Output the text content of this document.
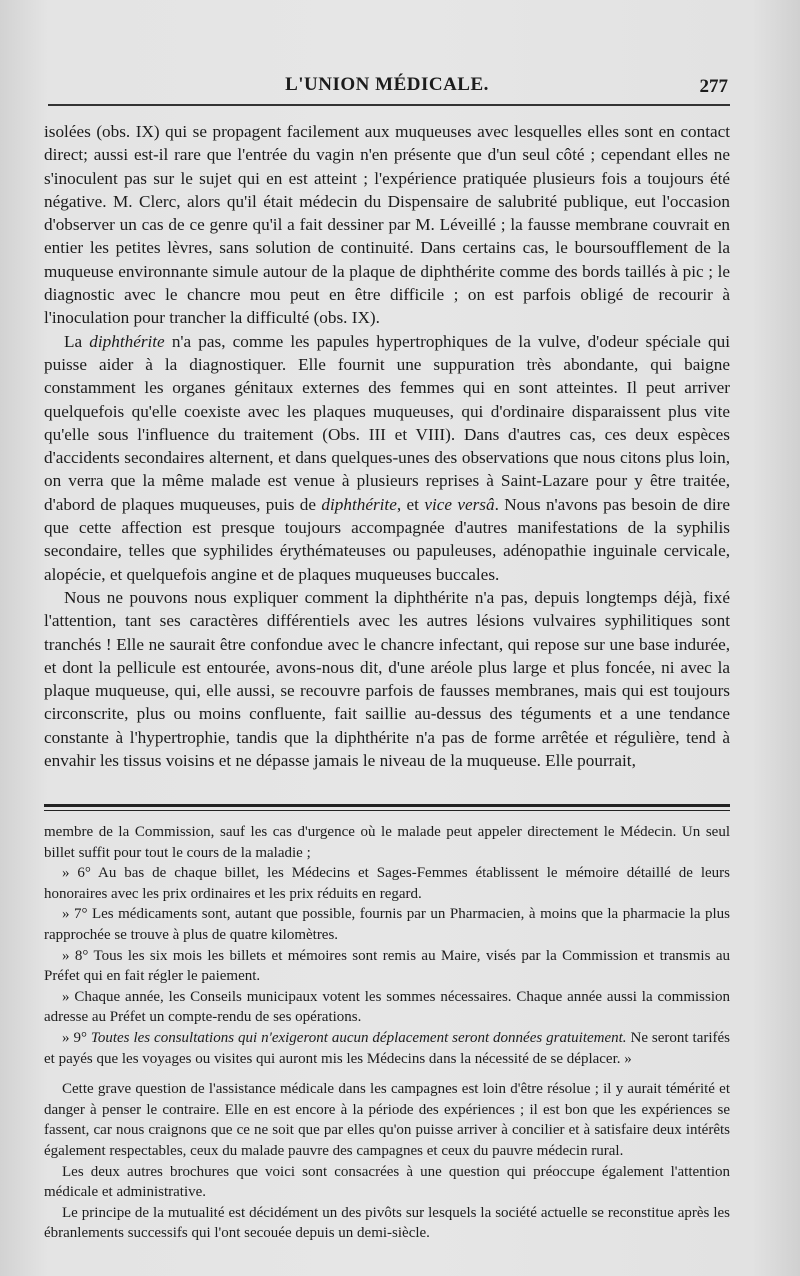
L'UNION MÉDICALE.	277

isolées (obs. IX) qui se propagent facilement aux muqueuses avec lesquelles elles sont en contact direct; aussi est-il rare que l'entrée du vagin n'en présente que d'un seul côté ; cependant elles ne s'inoculent pas sur le sujet qui en est atteint ; l'expérience pratiquée plusieurs fois a toujours été négative. M. Clerc, alors qu'il était médecin du Dispensaire de salubrité publique, eut l'occasion d'observer un cas de ce genre qu'il a fait dessiner par M. Léveillé ; la fausse membrane couvrait en entier les petites lèvres, sans solution de continuité. Dans certains cas, le boursoufflement de la muqueuse environnante simule autour de la plaque de diphthérite comme des bords taillés à pic ; le diagnostic avec le chancre mou peut en être difficile ; on est parfois obligé de recourir à l'inoculation pour trancher la difficulté (obs. IX).

La diphthérite n'a pas, comme les papules hypertrophiques de la vulve, d'odeur spéciale qui puisse aider à la diagnostiquer. Elle fournit une suppuration très abondante, qui baigne constamment les organes génitaux externes des femmes qui en sont atteintes. Il peut arriver quelquefois qu'elle coexiste avec les plaques muqueuses, qui d'ordinaire disparaissent plus vite qu'elle sous l'influence du traitement (Obs. III et VIII). Dans d'autres cas, ces deux espèces d'accidents secondaires alternent, et dans quelques-unes des observations que nous citons plus loin, on verra que la même malade est venue à plusieurs reprises à Saint-Lazare pour y être traitée, d'abord de plaques muqueuses, puis de diphthérite, et vice versâ. Nous n'avons pas besoin de dire que cette affection est presque toujours accompagnée d'autres manifestations de la syphilis secondaire, telles que syphilides érythémateuses ou papuleuses, adénopathie inguinale cervicale, alopécie, et quelquefois angine et de plaques muqueuses buccales.

Nous ne pouvons nous expliquer comment la diphthérite n'a pas, depuis longtemps déjà, fixé l'attention, tant ses caractères différentiels avec les autres lésions vulvaires syphilitiques sont tranchés ! Elle ne saurait être confondue avec le chancre infectant, qui repose sur une base indurée, et dont la pellicule est entourée, avons-nous dit, d'une aréole plus large et plus foncée, ni avec la plaque muqueuse, qui, elle aussi, se recouvre parfois de fausses membranes, mais qui est toujours circonscrite, plus ou moins confluente, fait saillie au-dessus des téguments et a une tendance constante à l'hypertrophie, tandis que la diphthérite n'a pas de forme arrêtée et régulière, tend à envahir les tissus voisins et ne dépasse jamais le niveau de la muqueuse. Elle pourrait,

membre de la Commission, sauf les cas d'urgence où le malade peut appeler directement le Médecin. Un seul billet suffit pour tout le cours de la maladie ;

» 6° Au bas de chaque billet, les Médecins et Sages-Femmes établissent le mémoire détaillé de leurs honoraires avec les prix ordinaires et les prix réduits en regard.

» 7° Les médicaments sont, autant que possible, fournis par un Pharmacien, à moins que la pharmacie la plus rapprochée se trouve à plus de quatre kilomètres.

» 8° Tous les six mois les billets et mémoires sont remis au Maire, visés par la Commission et transmis au Préfet qui en fait régler le paiement.

» Chaque année, les Conseils municipaux votent les sommes nécessaires. Chaque année aussi la commission adresse au Préfet un compte-rendu de ses opérations.

» 9° Toutes les consultations qui n'exigeront aucun déplacement seront données gratuitement. Ne seront tarifés et payés que les voyages ou visites qui auront mis les Médecins dans la nécessité de se déplacer. »

Cette grave question de l'assistance médicale dans les campagnes est loin d'être résolue ; il y aurait témérité et danger à penser le contraire. Elle en est encore à la période des expériences ; il est bon que les expériences se fassent, car nous craignons que ce ne soit que par elles qu'on puisse arriver à concilier et à satisfaire deux intérêts également respectables, ceux du malade pauvre des campagnes et ceux du pauvre médecin rural.

Les deux autres brochures que voici sont consacrées à une question qui préoccupe également l'attention médicale et administrative.

Le principe de la mutualité est décidément un des pivôts sur lesquels la société actuelle se reconstitue après les ébranlements successifs qui l'ont secouée depuis un demi-siècle.
